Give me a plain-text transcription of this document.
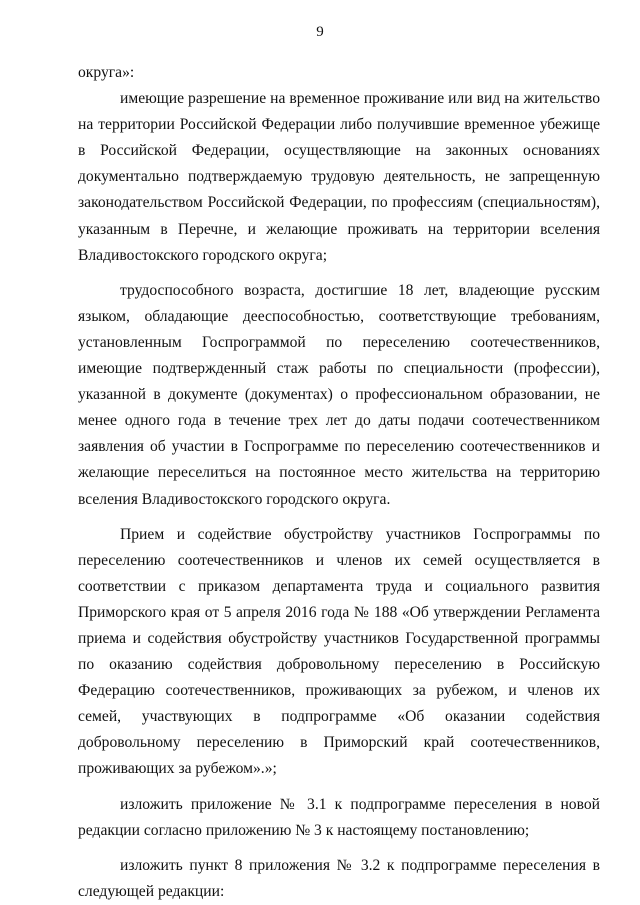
9

округа»:

имеющие разрешение на временное проживание или вид на жительство на территории Российской Федерации либо получившие временное убежище в Российской Федерации, осуществляющие на законных основаниях документально подтверждаемую трудовую деятельность, не запрещенную законодательством Российской Федерации, по профессиям (специальностям), указанным в Перечне, и желающие проживать на территории вселения Владивостокского городского округа;

трудоспособного возраста, достигшие 18 лет, владеющие русским языком, обладающие дееспособностью, соответствующие требованиям, установленным Госпрограммой по переселению соотечественников, имеющие подтвержденный стаж работы по специальности (профессии), указанной в документе (документах) о профессиональном образовании, не менее одного года в течение трех лет до даты подачи соотечественником заявления об участии в Госпрограмме по переселению соотечественников и желающие переселиться на постоянное место жительства на территорию вселения Владивостокского городского округа.

Прием и содействие обустройству участников Госпрограммы по переселению соотечественников и членов их семей осуществляется в соответствии с приказом департамента труда и социального развития Приморского края от 5 апреля 2016 года № 188 «Об утверждении Регламента приема и содействия обустройству участников Государственной программы по оказанию содействия добровольному переселению в Российскую Федерацию соотечественников, проживающих за рубежом, и членов их семей, участвующих в подпрограмме «Об оказании содействия добровольному переселению в Приморский край соотечественников, проживающих за рубежом».»;

изложить приложение № 3.1 к подпрограмме переселения в новой редакции согласно приложению № 3 к настоящему постановлению;

изложить пункт 8 приложения № 3.2 к подпрограмме переселения в следующей редакции:
